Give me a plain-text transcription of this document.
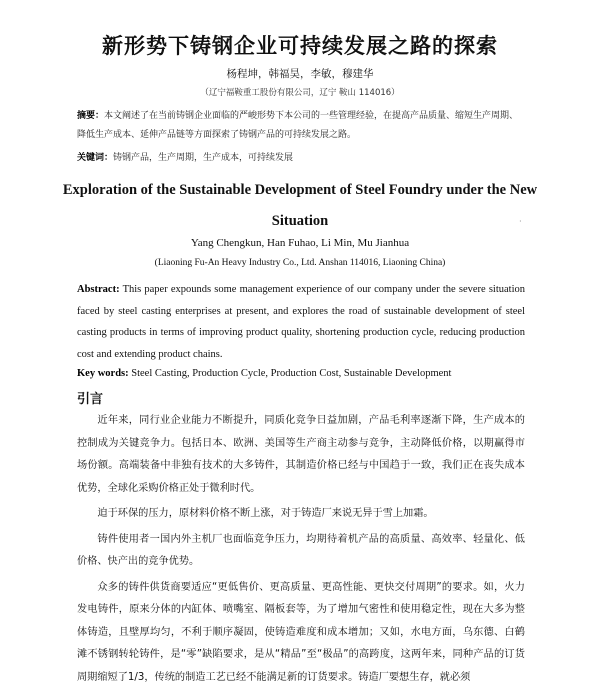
新形势下铸钢企业可持续发展之路的探索
杨程坤，韩福昊，李敏，穆建华
（辽宁福鞍重工股份有限公司，辽宁 鞍山 114016）
摘要：本文阐述了在当前铸钢企业面临的严峻形势下本公司的一些管理经验，在提高产品质量、缩短生产周期、降低生产成本、延伸产品链等方面探索了铸钢产品的可持续发展之路。
关键词：铸钢产品，生产周期，生产成本，可持续发展
Exploration of the Sustainable Development of Steel Foundry under the New Situation	·
Yang Chengkun, Han Fuhao, Li Min, Mu Jianhua
(Liaoning Fu-An Heavy Industry Co., Ltd. Anshan 114016, Liaoning China)
Abstract: This paper expounds some management experience of our company under the severe situation faced by steel casting enterprises at present, and explores the road of sustainable development of steel casting products in terms of improving product quality, shortening production cycle, reducing production cost and extending product chains.
Key words: Steel Casting, Production Cycle, Production Cost, Sustainable Development
引言

近年来，同行业企业能力不断提升，同质化竞争日益加剧，产品毛利率逐渐下降，生产成本的控制成为关键竞争力。包括日本、欧洲、美国等生产商主动参与竞争，主动降低价格，以期赢得市场份额。高端装备中非独有技术的大多铸件，其制造价格已经与中国趋于一致，我们正在丧失成本优势，全球化采购价格正处于微利时代。

迫于环保的压力，原材料价格不断上涨，对于铸造厂来说无异于雪上加霜。

铸件使用者一国内外主机厂也面临竞争压力，均期待着机产品的高质量、高效率、轻量化、低价格、快产出的竞争优势。

众多的铸件供货商要适应“更低售价、更高质量、更高性能、更快交付周期”的要求。如，火力发电铸件，原来分体的内缸体、喷嘴室、隔板套等，为了增加气密性和使用稳定性，现在大多为整体铸造，且壁厚均匀，不利于顺序凝固，使铸造难度和成本增加；又如，水电方面，乌东德、白鹤滩不锈钢转轮铸件，是“零”缺陷要求，是从“精品”至“极品”的高跨度，这两年来，同种产品的订货周期缩短了1/3，传统的制造工艺已经不能满足新的订货要求。铸造厂要想生存，就必须
